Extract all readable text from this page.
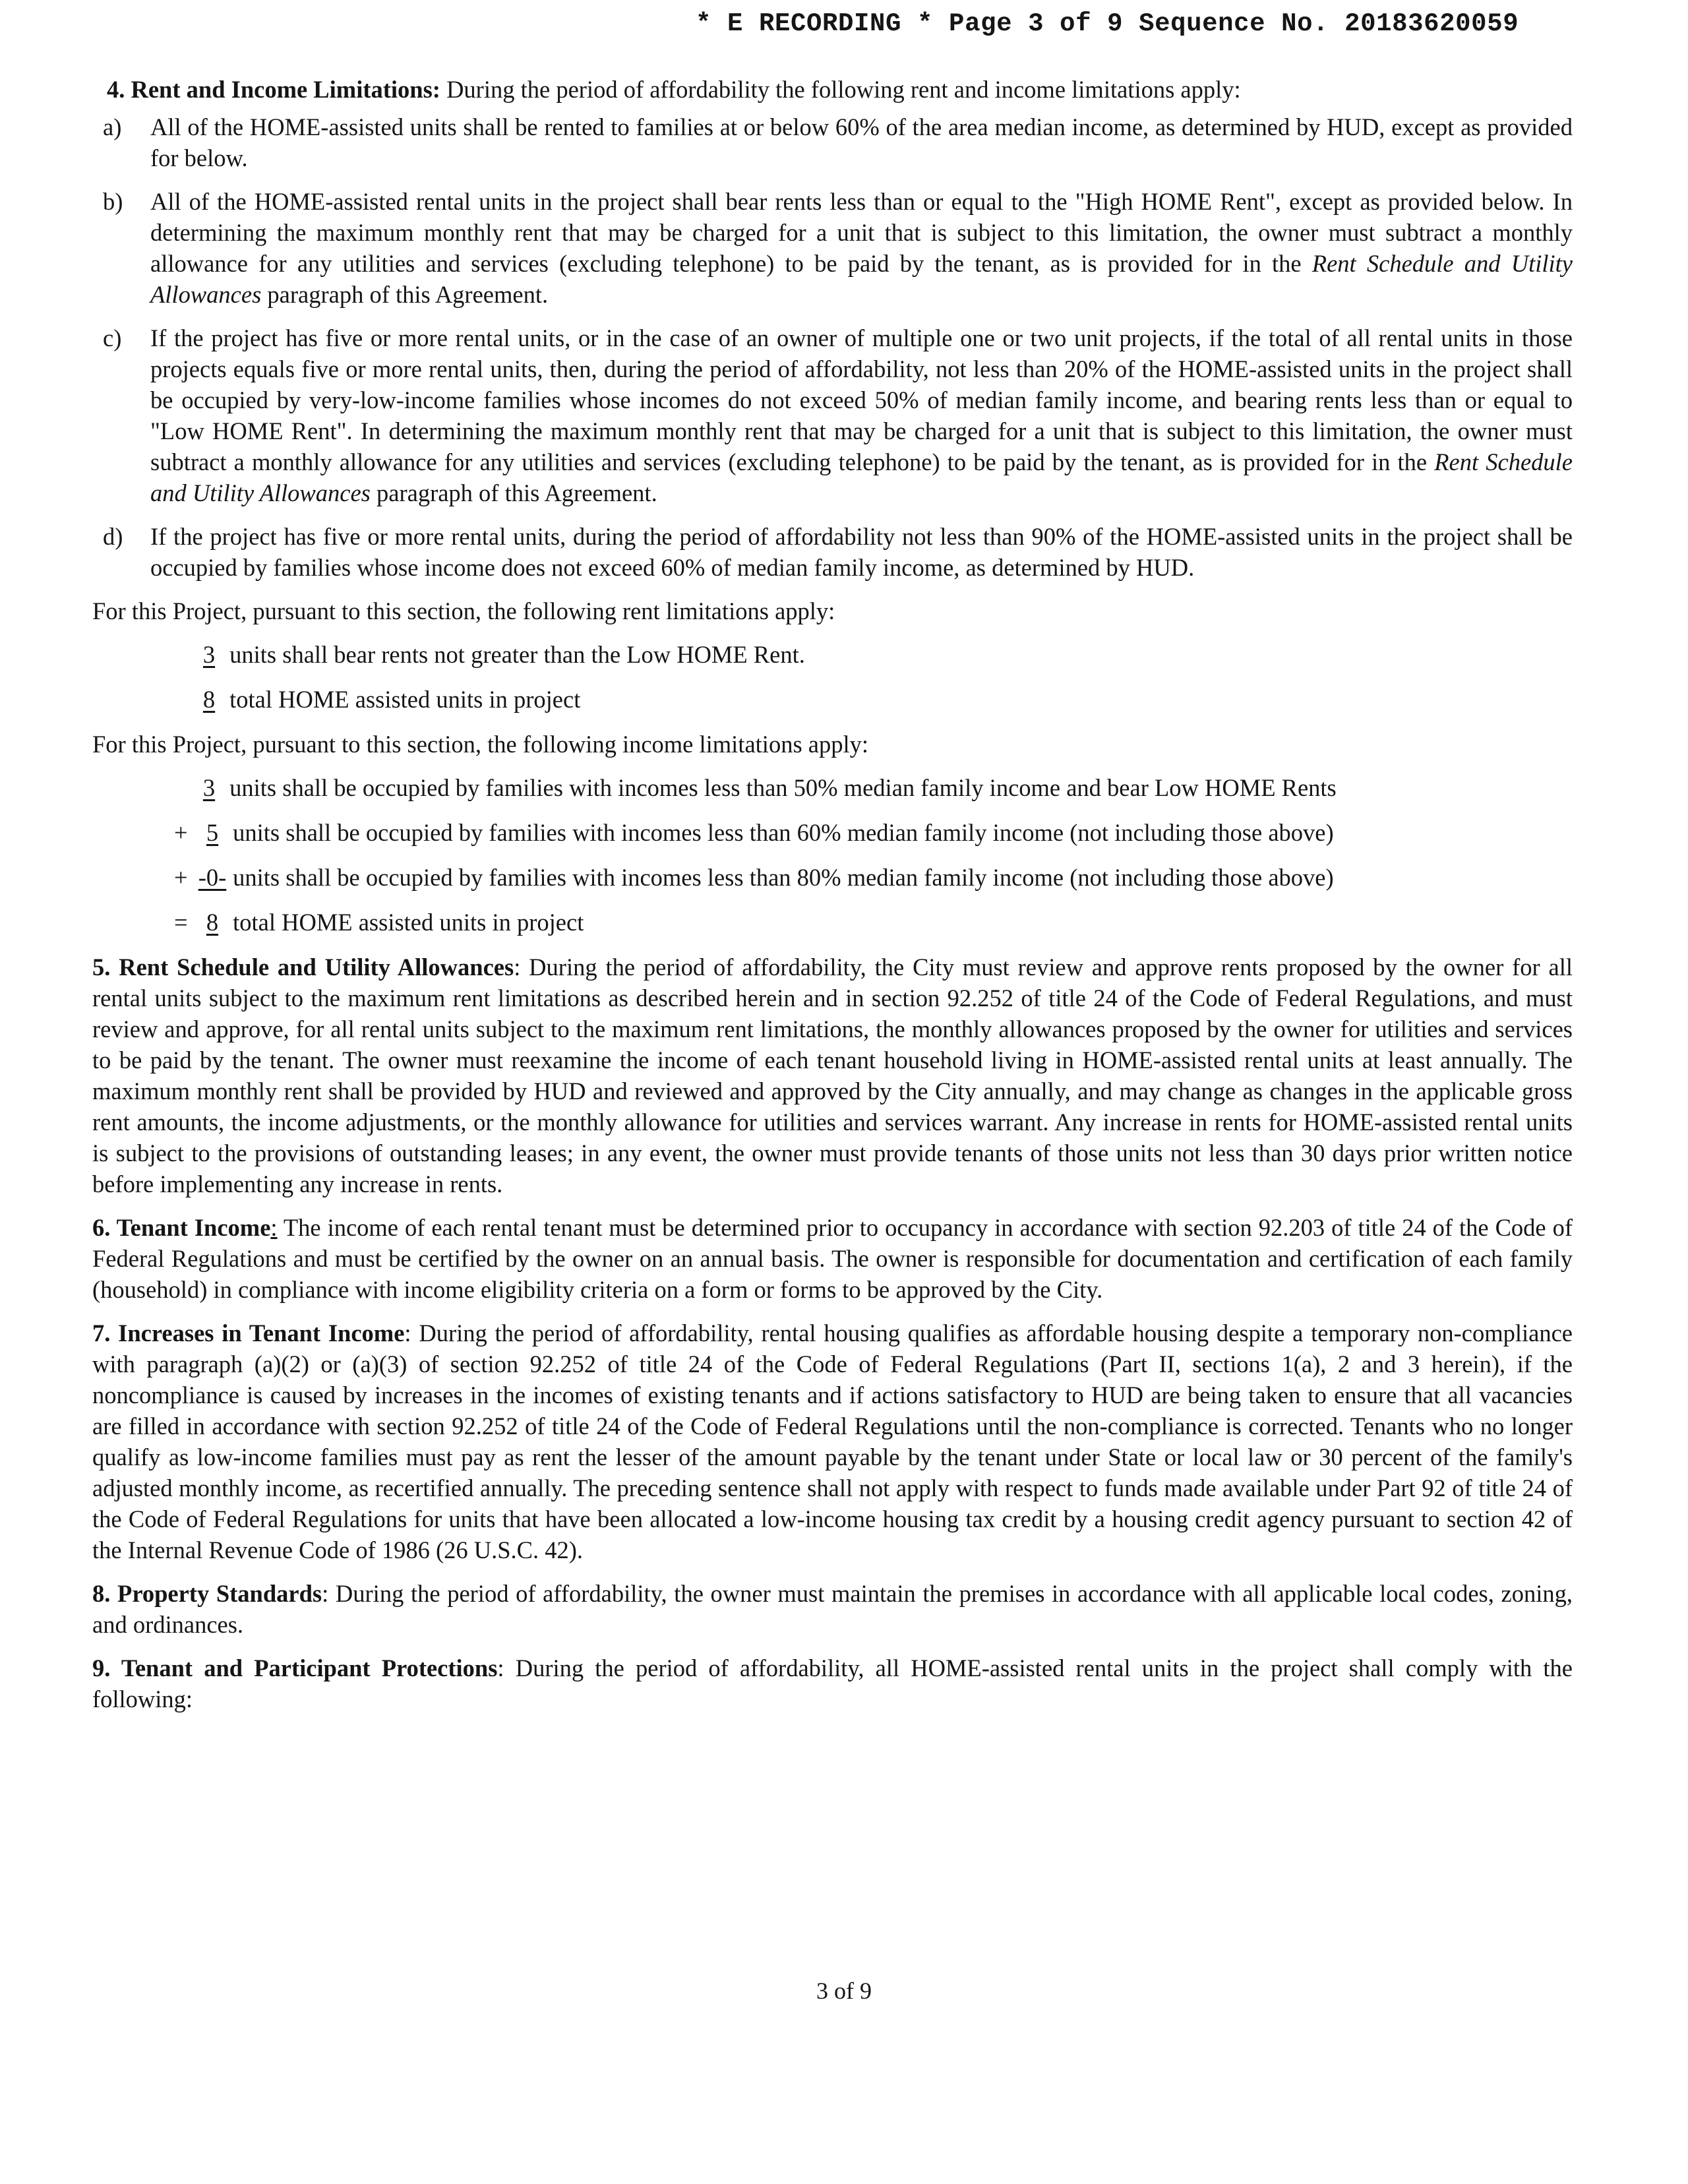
* E RECORDING * Page 3 of 9 Sequence No. 20183620059
4. Rent and Income Limitations: During the period of affordability the following rent and income limitations apply:
a) All of the HOME-assisted units shall be rented to families at or below 60% of the area median income, as determined by HUD, except as provided for below.
b) All of the HOME-assisted rental units in the project shall bear rents less than or equal to the "High HOME Rent", except as provided below. In determining the maximum monthly rent that may be charged for a unit that is subject to this limitation, the owner must subtract a monthly allowance for any utilities and services (excluding telephone) to be paid by the tenant, as is provided for in the Rent Schedule and Utility Allowances paragraph of this Agreement.
c) If the project has five or more rental units, or in the case of an owner of multiple one or two unit projects, if the total of all rental units in those projects equals five or more rental units, then, during the period of affordability, not less than 20% of the HOME-assisted units in the project shall be occupied by very-low-income families whose incomes do not exceed 50% of median family income, and bearing rents less than or equal to "Low HOME Rent". In determining the maximum monthly rent that may be charged for a unit that is subject to this limitation, the owner must subtract a monthly allowance for any utilities and services (excluding telephone) to be paid by the tenant, as is provided for in the Rent Schedule and Utility Allowances paragraph of this Agreement.
d) If the project has five or more rental units, during the period of affordability not less than 90% of the HOME-assisted units in the project shall be occupied by families whose income does not exceed 60% of median family income, as determined by HUD.
For this Project, pursuant to this section, the following rent limitations apply:
3 units shall bear rents not greater than the Low HOME Rent.
8 total HOME assisted units in project
For this Project, pursuant to this section, the following income limitations apply:
3 units shall be occupied by families with incomes less than 50% median family income and bear Low HOME Rents
+ 5 units shall be occupied by families with incomes less than 60% median family income (not including those above)
+ -0- units shall be occupied by families with incomes less than 80% median family income (not including those above)
= 8 total HOME assisted units in project
5. Rent Schedule and Utility Allowances: During the period of affordability, the City must review and approve rents proposed by the owner for all rental units subject to the maximum rent limitations as described herein and in section 92.252 of title 24 of the Code of Federal Regulations, and must review and approve, for all rental units subject to the maximum rent limitations, the monthly allowances proposed by the owner for utilities and services to be paid by the tenant. The owner must reexamine the income of each tenant household living in HOME-assisted rental units at least annually. The maximum monthly rent shall be provided by HUD and reviewed and approved by the City annually, and may change as changes in the applicable gross rent amounts, the income adjustments, or the monthly allowance for utilities and services warrant. Any increase in rents for HOME-assisted rental units is subject to the provisions of outstanding leases; in any event, the owner must provide tenants of those units not less than 30 days prior written notice before implementing any increase in rents.
6. Tenant Income: The income of each rental tenant must be determined prior to occupancy in accordance with section 92.203 of title 24 of the Code of Federal Regulations and must be certified by the owner on an annual basis. The owner is responsible for documentation and certification of each family (household) in compliance with income eligibility criteria on a form or forms to be approved by the City.
7. Increases in Tenant Income: During the period of affordability, rental housing qualifies as affordable housing despite a temporary non-compliance with paragraph (a)(2) or (a)(3) of section 92.252 of title 24 of the Code of Federal Regulations (Part II, sections 1(a), 2 and 3 herein), if the noncompliance is caused by increases in the incomes of existing tenants and if actions satisfactory to HUD are being taken to ensure that all vacancies are filled in accordance with section 92.252 of title 24 of the Code of Federal Regulations until the non-compliance is corrected. Tenants who no longer qualify as low-income families must pay as rent the lesser of the amount payable by the tenant under State or local law or 30 percent of the family's adjusted monthly income, as recertified annually. The preceding sentence shall not apply with respect to funds made available under Part 92 of title 24 of the Code of Federal Regulations for units that have been allocated a low-income housing tax credit by a housing credit agency pursuant to section 42 of the Internal Revenue Code of 1986 (26 U.S.C. 42).
8. Property Standards: During the period of affordability, the owner must maintain the premises in accordance with all applicable local codes, zoning, and ordinances.
9. Tenant and Participant Protections: During the period of affordability, all HOME-assisted rental units in the project shall comply with the following:
3 of 9
